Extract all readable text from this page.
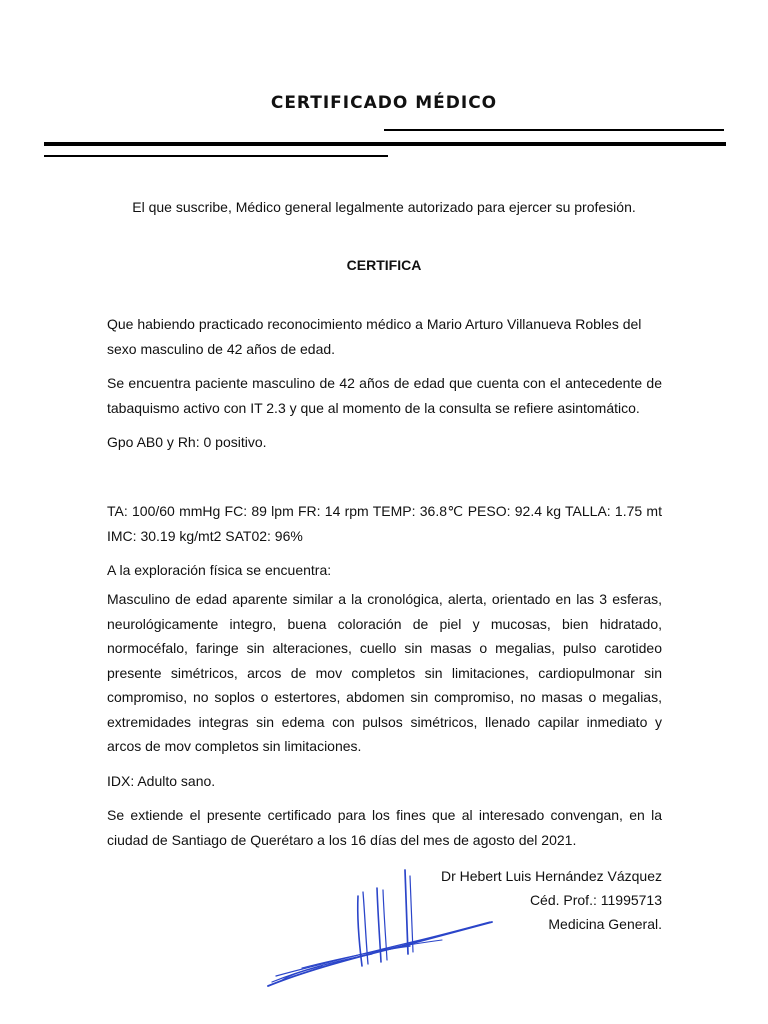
CERTIFICADO MÉDICO
El que suscribe, Médico general legalmente autorizado para ejercer su profesión.
CERTIFICA

Que habiendo practicado reconocimiento médico a Mario Arturo Villanueva Robles del sexo masculino de 42 años de edad.

Se encuentra paciente masculino de 42 años de edad que cuenta con el antecedente de tabaquismo activo con IT 2.3 y que al momento de la consulta se refiere asintomático.

Gpo AB0 y Rh: 0 positivo.

TA: 100/60 mmHg FC: 89 lpm FR: 14 rpm TEMP: 36.8℃ PESO: 92.4 kg TALLA: 1.75 mt IMC: 30.19 kg/mt2 SAT02: 96%

A la exploración física se encuentra:

Masculino de edad aparente similar a la cronológica, alerta, orientado en las 3 esferas, neurológicamente integro, buena coloración de piel y mucosas, bien hidratado, normocéfalo, faringe sin alteraciones, cuello sin masas o megalias, pulso carotideo presente simétricos, arcos de mov completos sin limitaciones, cardiopulmonar sin compromiso, no soplos o estertores, abdomen sin compromiso, no masas o megalias, extremidades integras sin edema con pulsos simétricos, llenado capilar inmediato y arcos de mov completos sin limitaciones.

IDX: Adulto sano.

Se extiende el presente certificado para los fines que al interesado convengan, en la ciudad de Santiago de Querétaro a los 16 días del mes de agosto del 2021.

Dr Hebert Luis Hernández Vázquez
Céd. Prof.: 11995713
Medicina General.
